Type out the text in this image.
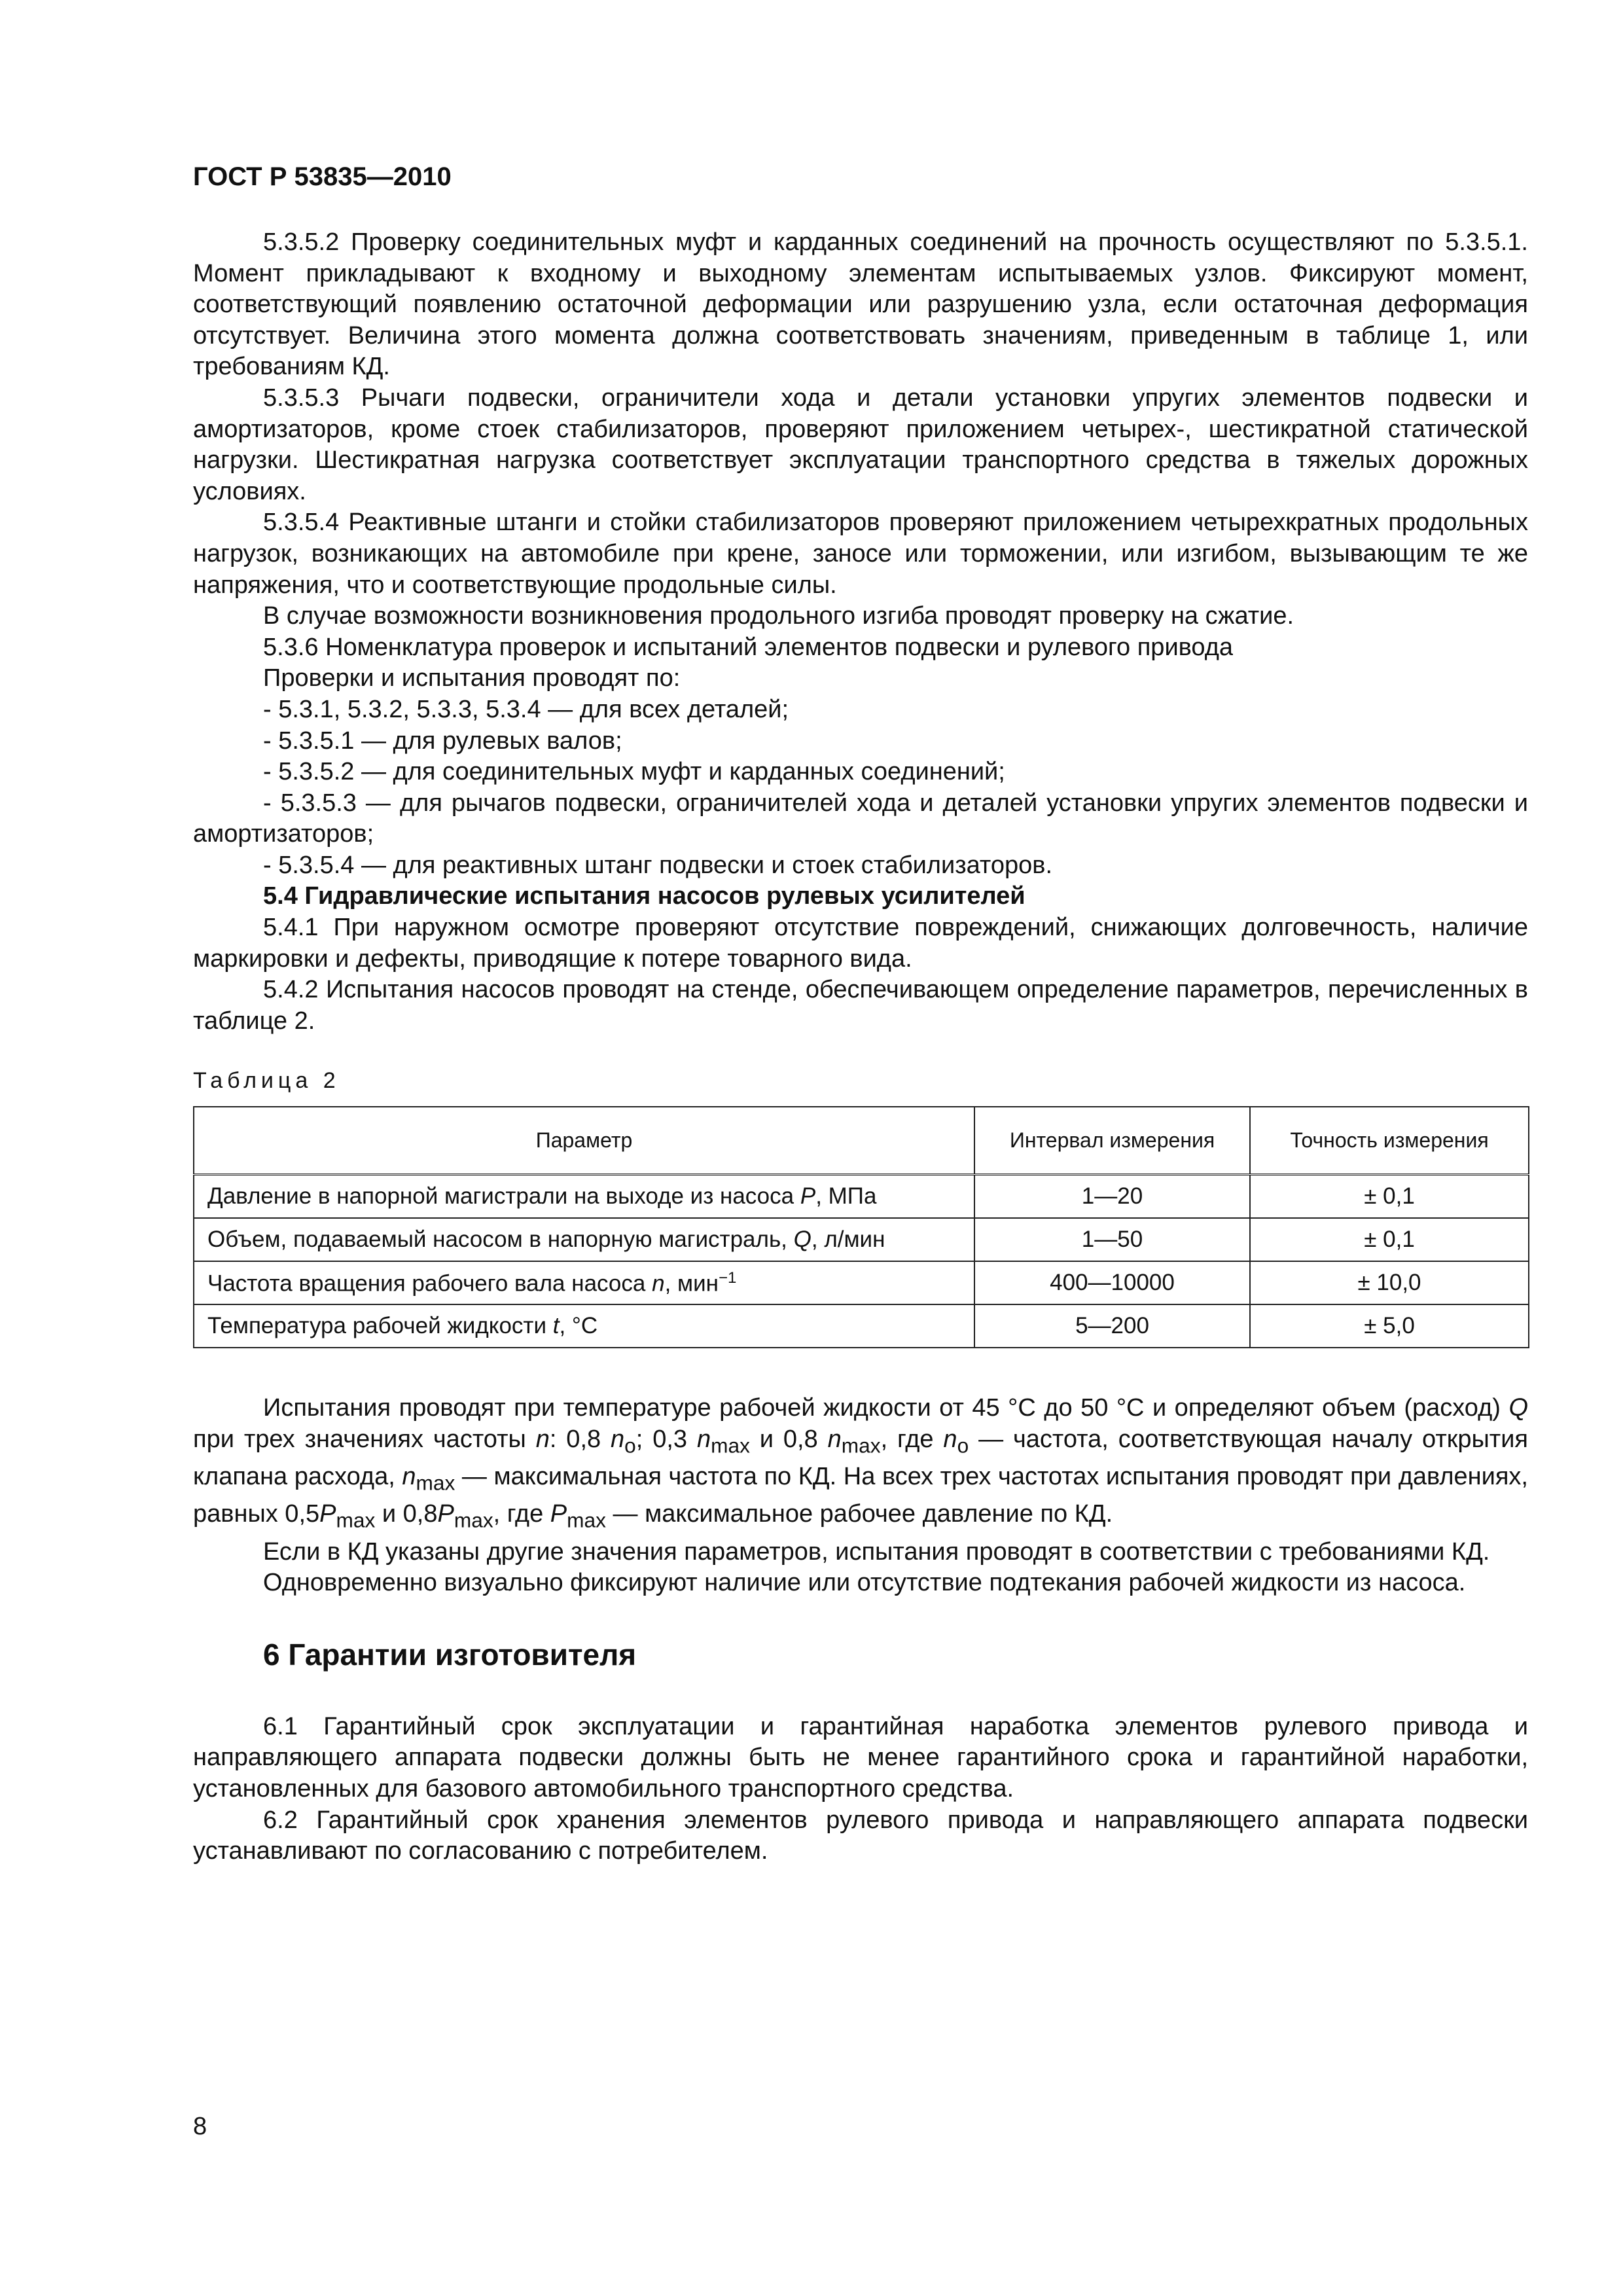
ГОСТ Р 53835—2010

5.3.5.2 Проверку соединительных муфт и карданных соединений на прочность осуществляют по 5.3.5.1. Момент прикладывают к входному и выходному элементам испытываемых узлов. Фиксируют момент, соответствующий появлению остаточной деформации или разрушению узла, если остаточная деформация отсутствует. Величина этого момента должна соответствовать значениям, приведенным в таблице 1, или требованиям КД.

5.3.5.3 Рычаги подвески, ограничители хода и детали установки упругих элементов подвески и амортизаторов, кроме стоек стабилизаторов, проверяют приложением четырех-, шестикратной статической нагрузки. Шестикратная нагрузка соответствует эксплуатации транспортного средства в тяжелых дорожных условиях.

5.3.5.4 Реактивные штанги и стойки стабилизаторов проверяют приложением четырехкратных продольных нагрузок, возникающих на автомобиле при крене, заносе или торможении, или изгибом, вызывающим те же напряжения, что и соответствующие продольные силы.

В случае возможности возникновения продольного изгиба проводят проверку на сжатие.

5.3.6 Номенклатура проверок и испытаний элементов подвески и рулевого привода

Проверки и испытания проводят по:

- 5.3.1, 5.3.2, 5.3.3, 5.3.4 — для всех деталей;

- 5.3.5.1 — для рулевых валов;

- 5.3.5.2 — для соединительных муфт и карданных соединений;

- 5.3.5.3 — для рычагов подвески, ограничителей хода и деталей установки упругих элементов подвески и амортизаторов;

- 5.3.5.4 — для реактивных штанг подвески и стоек стабилизаторов.

5.4 Гидравлические испытания насосов рулевых усилителей

5.4.1 При наружном осмотре проверяют отсутствие повреждений, снижающих долговечность, наличие маркировки и дефекты, приводящие к потере товарного вида.

5.4.2 Испытания насосов проводят на стенде, обеспечивающем определение параметров, перечисленных в таблице 2.

Таблица 2
Параметр	Интервал измерения	Точность измерения
Давление в напорной магистрали на выходе из насоса P, МПа	1—20	± 0,1
Объем, подаваемый насосом в напорную магистраль, Q, л/мин	1—50	± 0,1
Частота вращения рабочего вала насоса n, мин$^{-1}$	400—10000	± 10,0
Температура рабочей жидкости t, °С	5—200	± 5,0

Испытания проводят при температуре рабочей жидкости от 45 °С до 50 °С и определяют объем (расход) Q при трех значениях частоты n: 0,8 $n_о$; 0,3 $n_{max}$ и 0,8 $n_{max}$, где $n_о$ — частота, соответствующая началу открытия клапана расхода, $n_{max}$ — максимальная частота по КД. На всех трех частотах испытания проводят при давлениях, равных $0,5P_{max}$ и $0,8P_{max}$, где $P_{max}$ — максимальное рабочее давление по КД.

Если в КД указаны другие значения параметров, испытания проводят в соответствии с требованиями КД.

Одновременно визуально фиксируют наличие или отсутствие подтекания рабочей жидкости из насоса.

6 Гарантии изготовителя

6.1 Гарантийный срок эксплуатации и гарантийная наработка элементов рулевого привода и направляющего аппарата подвески должны быть не менее гарантийного срока и гарантийной наработки, установленных для базового автомобильного транспортного средства.

6.2 Гарантийный срок хранения элементов рулевого привода и направляющего аппарата подвески устанавливают по согласованию с потребителем.

8
